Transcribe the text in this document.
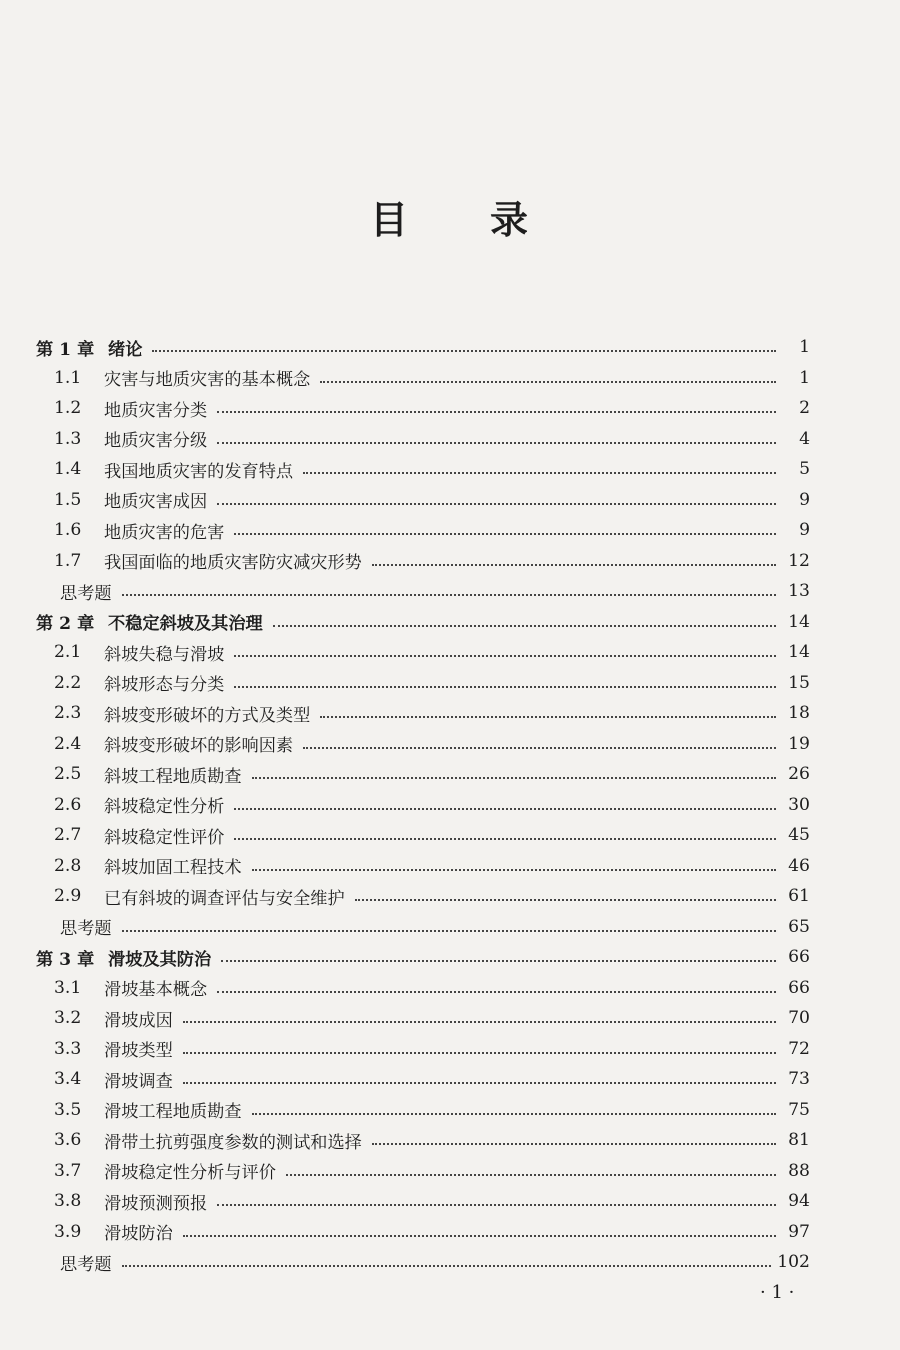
目 录
第 1 章 绪论	1
1.1	灾害与地质灾害的基本概念	1
1.2	地质灾害分类	2
1.3	地质灾害分级	4
1.4	我国地质灾害的发育特点	5
1.5	地质灾害成因	9
1.6	地质灾害的危害	9
1.7	我国面临的地质灾害防灾减灾形势	12
思考题	13
第 2 章 不稳定斜坡及其治理	14
2.1	斜坡失稳与滑坡	14
2.2	斜坡形态与分类	15
2.3	斜坡变形破坏的方式及类型	18
2.4	斜坡变形破坏的影响因素	19
2.5	斜坡工程地质勘查	26
2.6	斜坡稳定性分析	30
2.7	斜坡稳定性评价	45
2.8	斜坡加固工程技术	46
2.9	已有斜坡的调查评估与安全维护	61
思考题	65
第 3 章 滑坡及其防治	66
3.1	滑坡基本概念	66
3.2	滑坡成因	70
3.3	滑坡类型	72
3.4	滑坡调查	73
3.5	滑坡工程地质勘查	75
3.6	滑带土抗剪强度参数的测试和选择	81
3.7	滑坡稳定性分析与评价	88
3.8	滑坡预测预报	94
3.9	滑坡防治	97
思考题	102
· 1 ·
